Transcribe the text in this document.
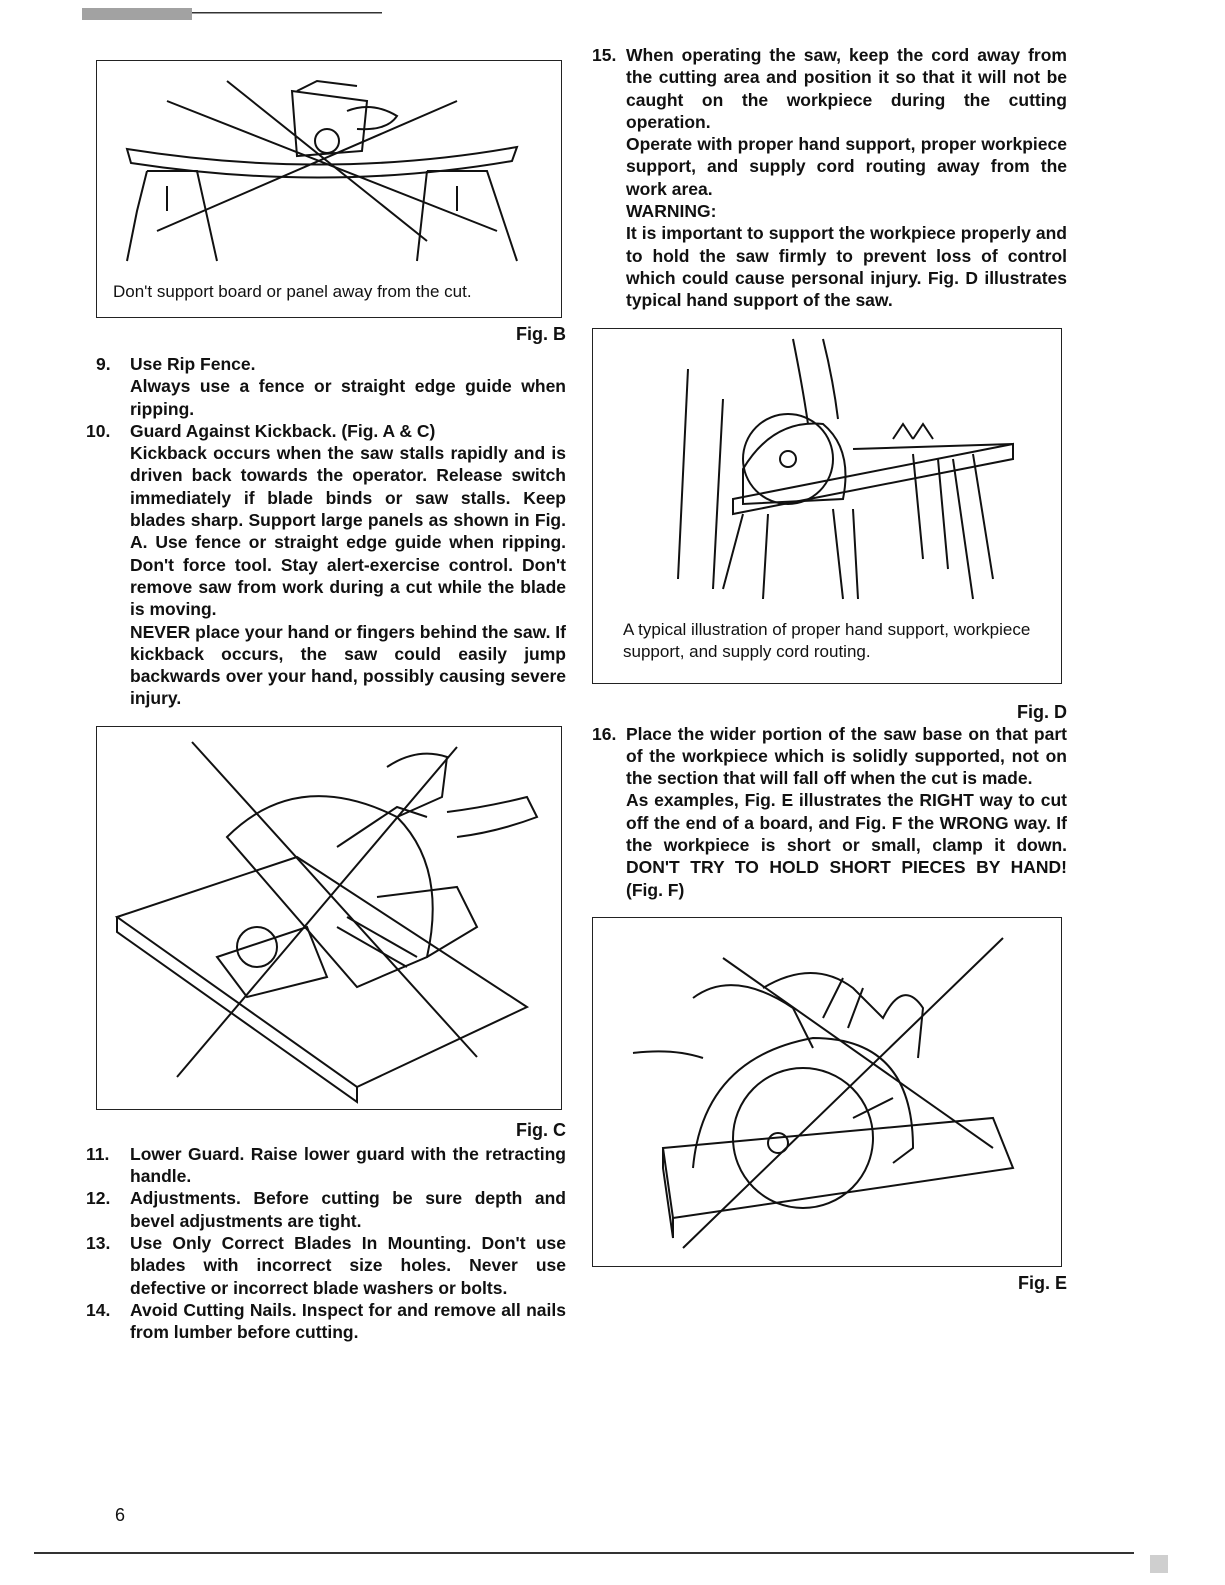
Don't support board or panel away from the cut.
Fig. B
9. Use Rip Fence.

Always use a fence or straight edge guide when ripping.

10. Guard Against Kickback. (Fig. A & C)

Kickback occurs when the saw stalls rapidly and is driven back towards the operator. Release switch immediately if blade binds or saw stalls. Keep blades sharp. Support large panels as shown in Fig. A. Use fence or straight edge guide when ripping. Don't force tool. Stay alert-exercise control. Don't remove saw from work during a cut while the blade is moving.

NEVER place your hand or fingers behind the saw. If kickback occurs, the saw could easily jump backwards over your hand, possibly causing severe injury.

Fig. C
11. Lower Guard. Raise lower guard with the retracting handle.

12. Adjustments. Before cutting be sure depth and bevel adjustments are tight.

13. Use Only Correct Blades In Mounting. Don't use blades with incorrect size holes. Never use defective or incorrect blade washers or bolts.

14. Avoid Cutting Nails. Inspect for and remove all nails from lumber before cutting.

15. When operating the saw, keep the cord away from the cutting area and position it so that it will not be caught on the workpiece during the cutting operation.

Operate with proper hand support, proper workpiece support, and supply cord routing away from the work area.

WARNING:

It is important to support the workpiece properly and to hold the saw firmly to prevent loss of control which could cause personal injury. Fig. D illustrates typical hand support of the saw.

A typical illustration of proper hand support, workpiece support, and supply cord routing.
Fig. D
16. Place the wider portion of the saw base on that part of the workpiece which is solidly supported, not on the section that will fall off when the cut is made.

As examples, Fig. E illustrates the RIGHT way to cut off the end of a board, and Fig. F the WRONG way. If the workpiece is short or small, clamp it down. DON'T TRY TO HOLD SHORT PIECES BY HAND! (Fig. F)

Fig. E
6
